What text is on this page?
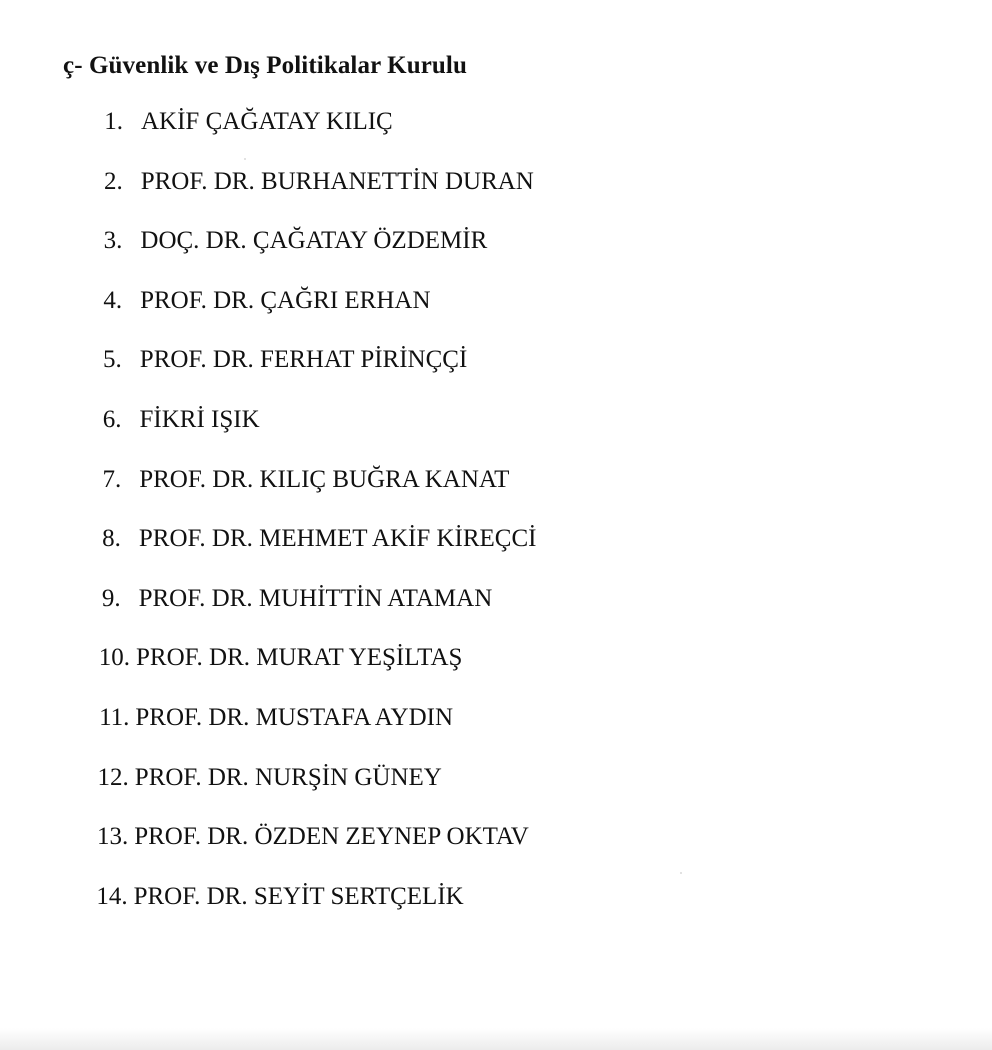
ç- Güvenlik ve Dış Politikalar Kurulu
1. AKİF ÇAĞATAY KILIÇ
2. PROF. DR. BURHANETTİN DURAN
3. DOÇ. DR. ÇAĞATAY ÖZDEMİR
4. PROF. DR. ÇAĞRI ERHAN
5. PROF. DR. FERHAT PİRİNÇÇİ
6. FİKRİ IŞIK
7. PROF. DR. KILIÇ BUĞRA KANAT
8. PROF. DR. MEHMET AKİF KİREÇCİ
9. PROF. DR. MUHİTTİN ATAMAN
10. PROF. DR. MURAT YEŞİLTAŞ
11. PROF. DR. MUSTAFA AYDIN
12. PROF. DR. NURŞİN GÜNEY
13. PROF. DR. ÖZDEN ZEYNEP OKTAV
14. PROF. DR. SEYİT SERTÇELİK
